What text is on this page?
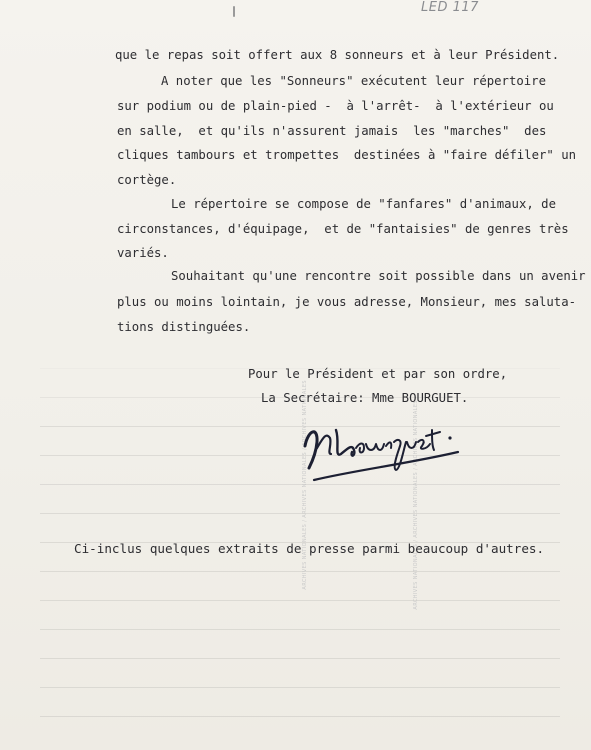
LED 117
ARCHIVES NATIONALES / ARCHIVES NATIONALES / ARCHIVES NATIONALES	ARCHIVES NATIONALES / ARCHIVES NATIONALES / ARCHIVES NATIONALES
que le repas soit offert aux 8 sonneurs et à leur Président.
A noter que les "Sonneurs" exécutent leur répertoire
sur podium ou de plain-pied -  à l'arrêt-  à l'extérieur ou
en salle,  et qu'ils n'assurent jamais  les "marches"  des
cliques tambours et trompettes  destinées à "faire défiler" un
cortège.
Le répertoire se compose de "fanfares" d'animaux, de
circonstances, d'équipage,  et de "fantaisies" de genres très
variés.
Souhaitant qu'une rencontre soit possible dans un avenir
plus ou moins lointain, je vous adresse, Monsieur, mes saluta-
tions distinguées.
Pour le Président et par son ordre,
La Secrétaire: Mme BOURGUET.
Ci-inclus quelques extraits de presse parmi beaucoup d'autres.
